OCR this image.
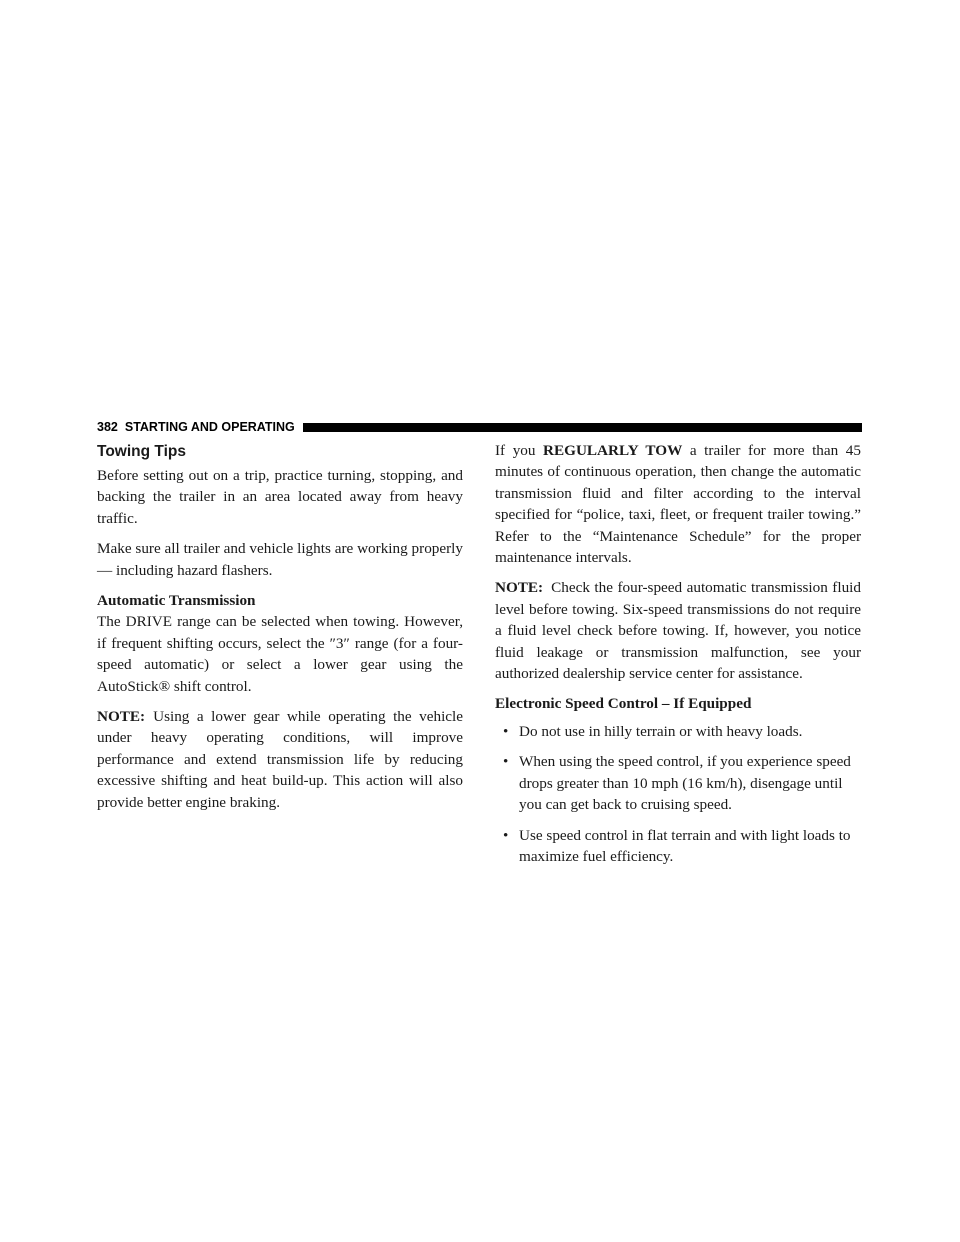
382 STARTING AND OPERATING
Towing Tips

Before setting out on a trip, practice turning, stopping, and backing the trailer in an area located away from heavy traffic.

Make sure all trailer and vehicle lights are working properly — including hazard flashers.

Automatic Transmission

The DRIVE range can be selected when towing. However, if frequent shifting occurs, select the ″3″ range (for a four-speed automatic) or select a lower gear using the AutoStick® shift control.

NOTE: Using a lower gear while operating the vehicle under heavy operating conditions, will improve performance and extend transmission life by reducing excessive shifting and heat build-up. This action will also provide better engine braking.

If you REGULARLY TOW a trailer for more than 45 minutes of continuous operation, then change the automatic transmission fluid and filter according to the interval specified for “police, taxi, fleet, or frequent trailer towing.” Refer to the “Maintenance Schedule” for the proper maintenance intervals.

NOTE: Check the four-speed automatic transmission fluid level before towing. Six-speed transmissions do not require a fluid level check before towing. If, however, you notice fluid leakage or transmission malfunction, see your authorized dealership service center for assistance.

Electronic Speed Control – If Equipped
• Do not use in hilly terrain or with heavy loads.
• When using the speed control, if you experience speed drops greater than 10 mph (16 km/h), disengage until you can get back to cruising speed.
• Use speed control in flat terrain and with light loads to maximize fuel efficiency.
